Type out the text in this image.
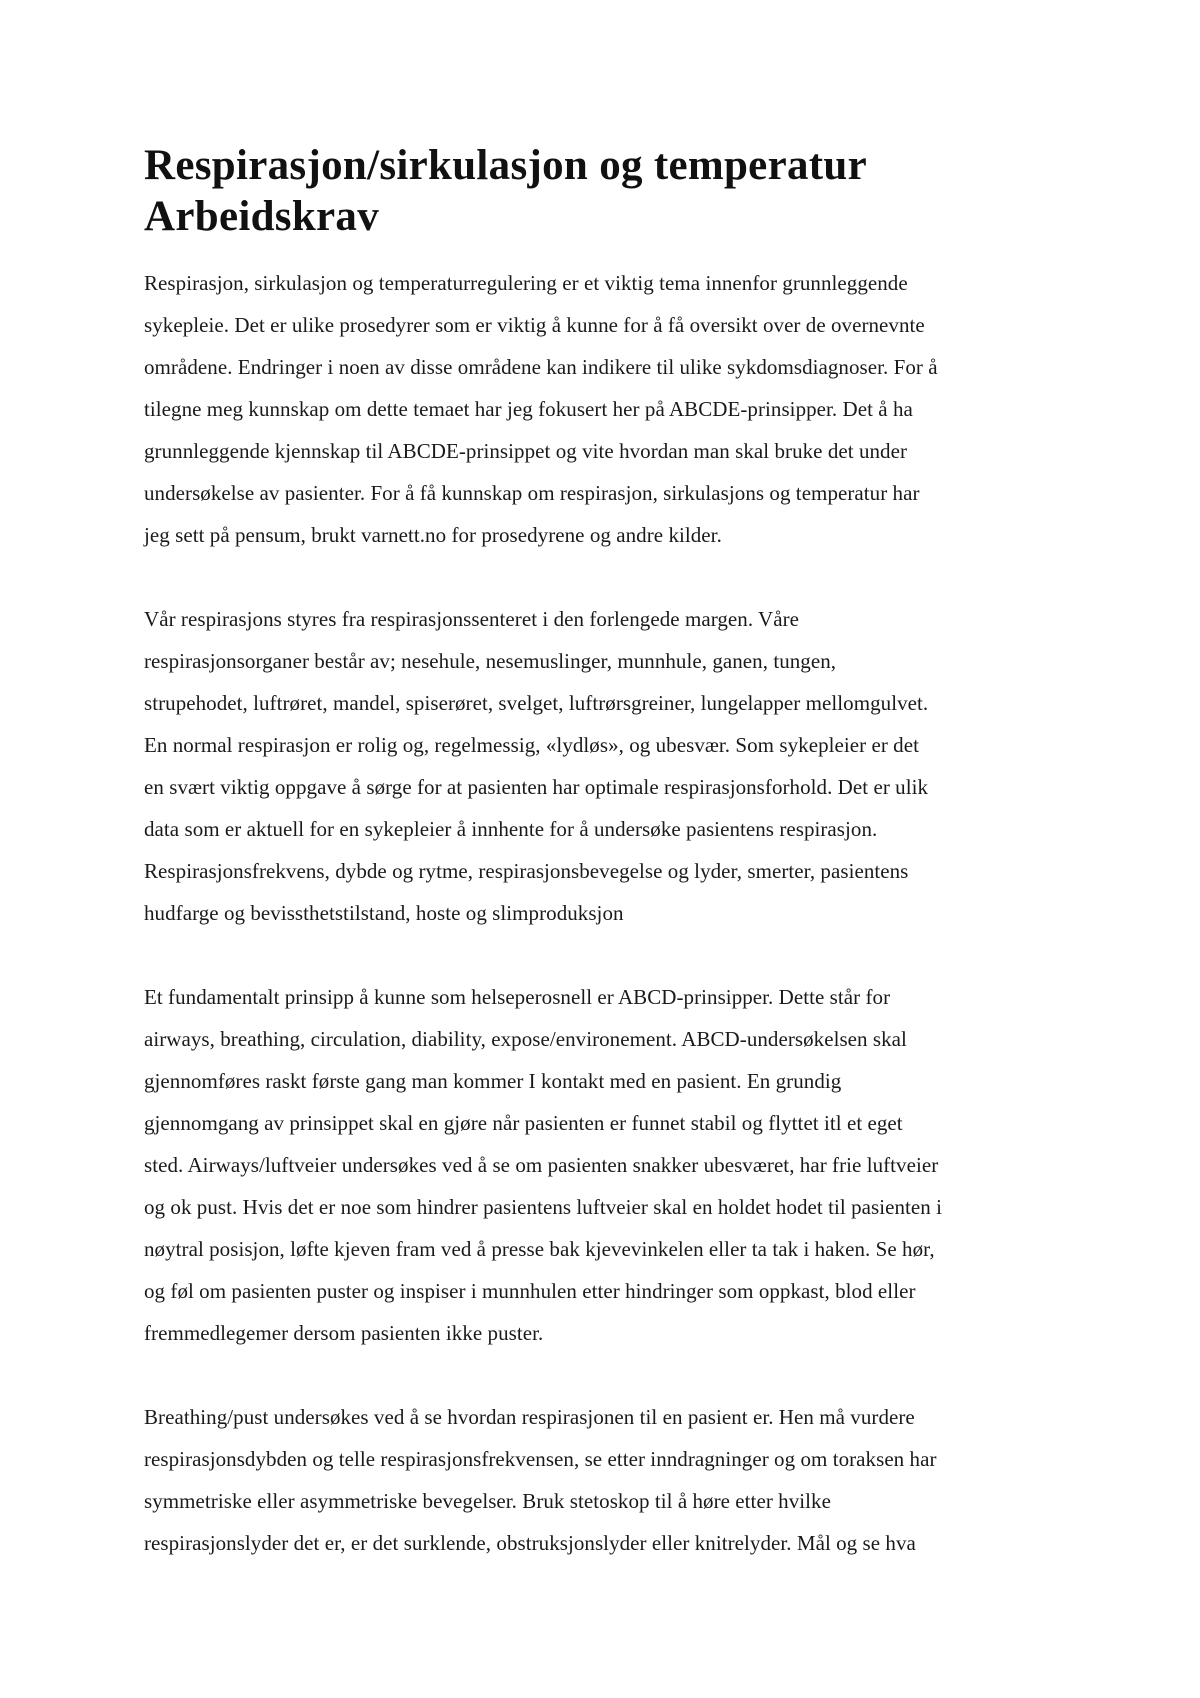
Respirasjon/sirkulasjon og temperatur
Arbeidskrav

Respirasjon, sirkulasjon og temperaturregulering er et viktig tema innenfor grunnleggende
sykepleie. Det er ulike prosedyrer som er viktig å kunne for å få oversikt over de overnevnte
områdene. Endringer i noen av disse områdene kan indikere til ulike sykdomsdiagnoser. For å
tilegne meg kunnskap om dette temaet har jeg fokusert her på ABCDE-prinsipper. Det å ha
grunnleggende kjennskap til ABCDE-prinsippet og vite hvordan man skal bruke det under
undersøkelse av pasienter. For å få kunnskap om respirasjon, sirkulasjons og temperatur har
jeg sett på pensum, brukt varnett.no for prosedyrene og andre kilder.

Vår respirasjons styres fra respirasjonssenteret i den forlengede margen. Våre
respirasjonsorganer består av; nesehule, nesemuslinger, munnhule, ganen, tungen,
strupehodet, luftrøret, mandel, spiserøret, svelget, luftrørsgreiner, lungelapper mellomgulvet.
En normal respirasjon er rolig og, regelmessig, «lydløs», og ubesvær. Som sykepleier er det
en svært viktig oppgave å sørge for at pasienten har optimale respirasjonsforhold. Det er ulik
data som er aktuell for en sykepleier å innhente for å undersøke pasientens respirasjon.
Respirasjonsfrekvens, dybde og rytme, respirasjonsbevegelse og lyder, smerter, pasientens
hudfarge og bevissthetstilstand, hoste og slimproduksjon

Et fundamentalt prinsipp å kunne som helseperosnell er ABCD-prinsipper. Dette står for
airways, breathing, circulation, diability, expose/environement. ABCD-undersøkelsen skal
gjennomføres raskt første gang man kommer I kontakt med en pasient. En grundig
gjennomgang av prinsippet skal en gjøre når pasienten er funnet stabil og flyttet itl et eget
sted. Airways/luftveier undersøkes ved å se om pasienten snakker ubesværet, har frie luftveier
og ok pust. Hvis det er noe som hindrer pasientens luftveier skal en holdet hodet til pasienten i
nøytral posisjon, løfte kjeven fram ved å presse bak kjevevinkelen eller ta tak i haken. Se hør,
og føl om pasienten puster og inspiser i munnhulen etter hindringer som oppkast, blod eller
fremmedlegemer dersom pasienten ikke puster.

Breathing/pust undersøkes ved å se hvordan respirasjonen til en pasient er. Hen må vurdere
respirasjonsdybden og telle respirasjonsfrekvensen, se etter inndragninger og om toraksen har
symmetriske eller asymmetriske bevegelser. Bruk stetoskop til å høre etter hvilke
respirasjonslyder det er, er det surklende, obstruksjonslyder eller knitrelyder. Mål og se hva
